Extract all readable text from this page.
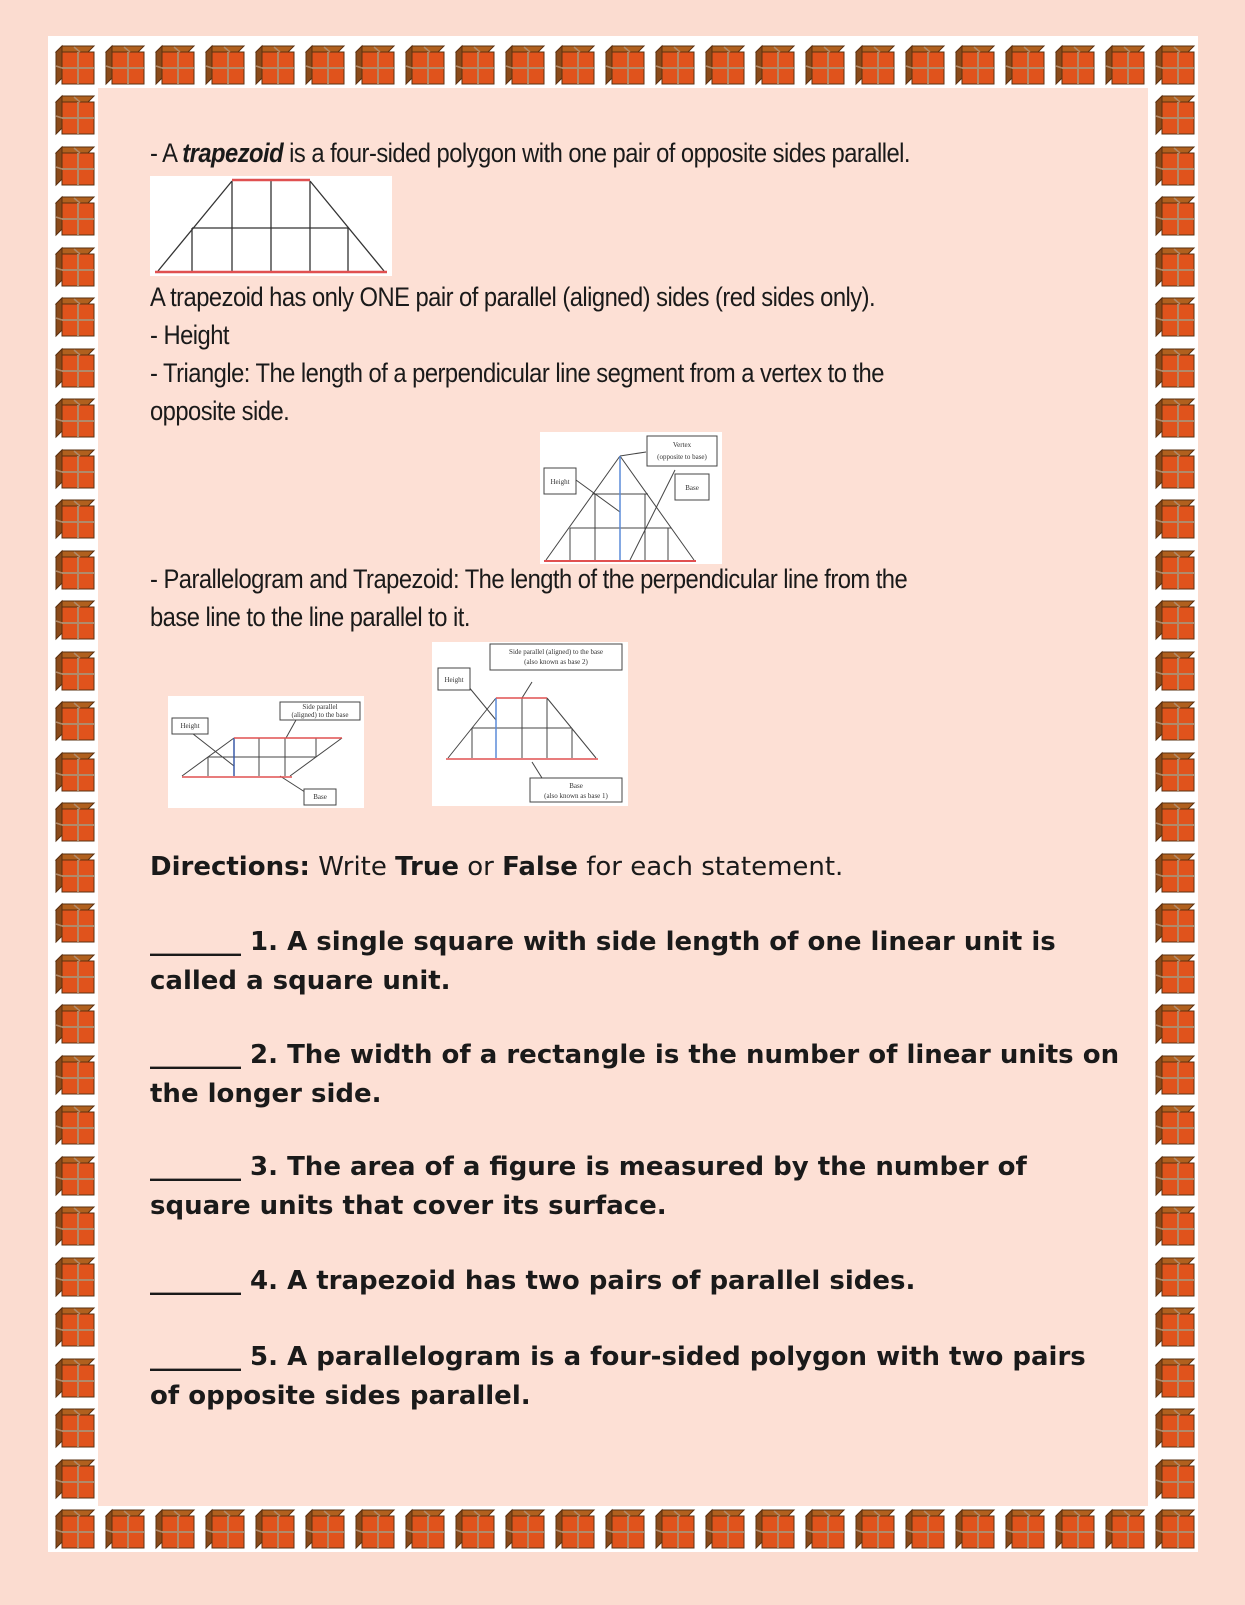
- A trapezoid is a four-sided polygon with one pair of opposite sides parallel.
A trapezoid has only ONE pair of parallel (aligned) sides (red sides only).
- Height
- Triangle: The length of a perpendicular line segment from a vertex to the
opposite side.
Vertex
(opposite to base)
Height
Base
- Parallelogram and Trapezoid: The length of the perpendicular line from the
base line to the line parallel to it.
Side parallel
(aligned) to the base
Height
Base
Side parallel (aligned) to the base
(also known as base 2)
Height
Base
(also known as base 1)
Directions: Write True or False for each statement.
_______ 1. A single square with side length of one linear unit is called a square unit.
_______ 2. The width of a rectangle is the number of linear units on the longer side.
_______ 3. The area of a figure is measured by the number of square units that cover its surface.
_______ 4. A trapezoid has two pairs of parallel sides.
_______ 5. A parallelogram is a four-sided polygon with two pairs of opposite sides parallel.
